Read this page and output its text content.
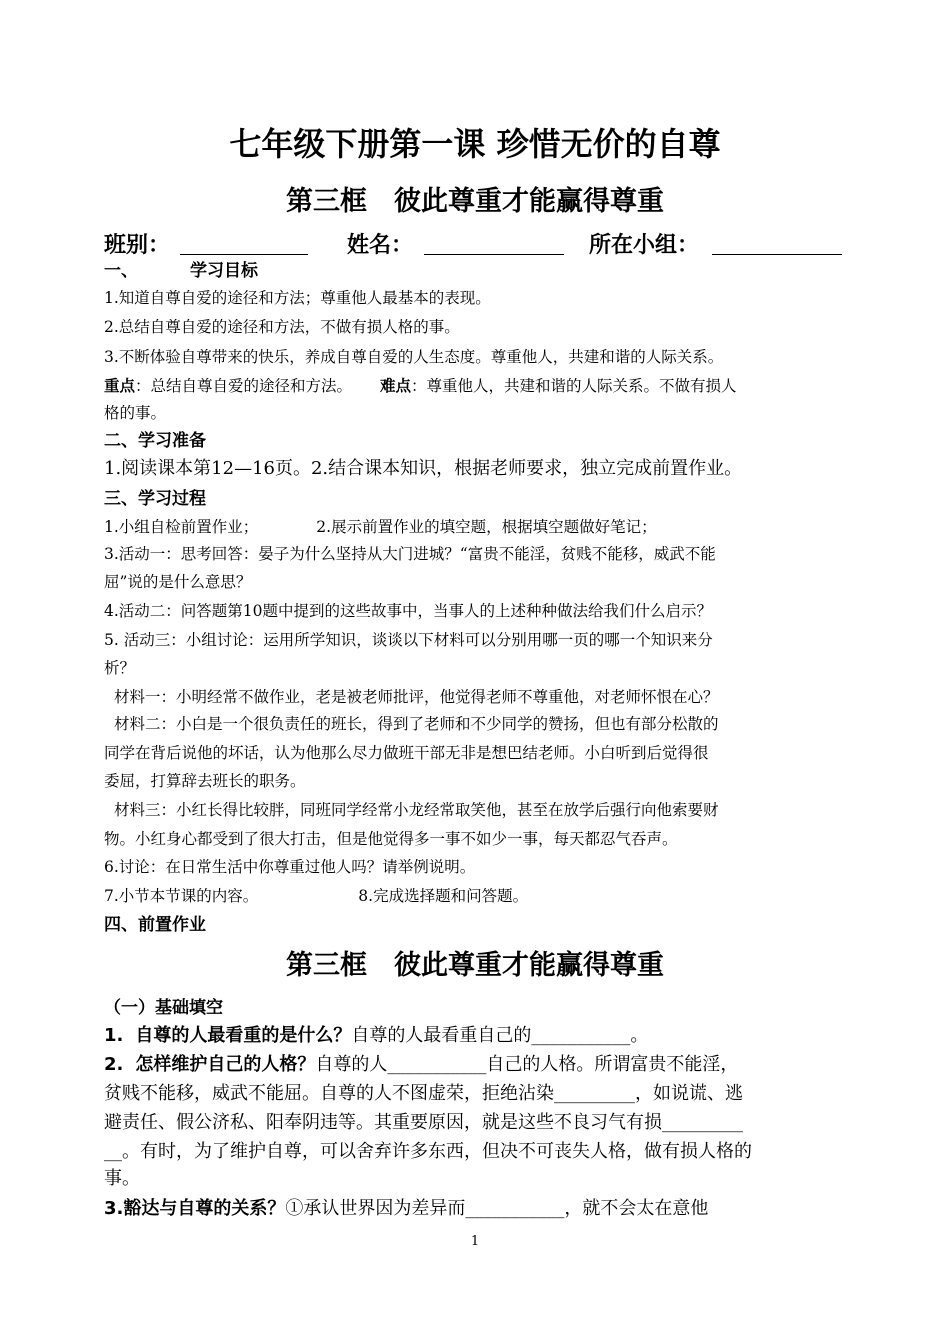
七年级下册第一课 珍惜无价的自尊
第三框　彼此尊重才能赢得尊重
班别：	姓名：	所在小组：
一、	学习目标
1.知道自尊自爱的途径和方法；尊重他人最基本的表现。
2.总结自尊自爱的途径和方法，不做有损人格的事。
3.不断体验自尊带来的快乐，养成自尊自爱的人生态度。尊重他人，共建和谐的人际关系。
重点：总结自尊自爱的途径和方法。 难点：尊重他人，共建和谐的人际关系。不做有损人
格的事。
二、学习准备
1.阅读课本第12—16页。2.结合课本知识，根据老师要求，独立完成前置作业。
三、学习过程
1.小组自检前置作业；	2.展示前置作业的填空题，根据填空题做好笔记；
3.活动一：思考回答：晏子为什么坚持从大门进城？“富贵不能淫，贫贱不能移，威武不能
屈”说的是什么意思？
4.活动二：问答题第10题中提到的这些故事中，当事人的上述种种做法给我们什么启示？
5. 活动三：小组讨论：运用所学知识，谈谈以下材料可以分别用哪一页的哪一个知识来分
析？
材料一：小明经常不做作业，老是被老师批评，他觉得老师不尊重他，对老师怀恨在心？
材料二：小白是一个很负责任的班长，得到了老师和不少同学的赞扬，但也有部分松散的
同学在背后说他的坏话，认为他那么尽力做班干部无非是想巴结老师。小白听到后觉得很
委屈，打算辞去班长的职务。
材料三：小红长得比较胖，同班同学经常小龙经常取笑他，甚至在放学后强行向他索要财
物。小红身心都受到了很大打击，但是他觉得多一事不如少一事，每天都忍气吞声。
6.讨论：在日常生活中你尊重过他人吗？请举例说明。
7.小节本节课的内容。	8.完成选择题和问答题。
四、前置作业
第三框　彼此尊重才能赢得尊重
（一）基础填空
1. 自尊的人最看重的是什么？自尊的人最看重自己的___________。
2. 怎样维护自己的人格？自尊的人___________自己的人格。所谓富贵不能淫，
贫贱不能移，威武不能屈。自尊的人不图虚荣，拒绝沾染_________，如说谎、逃
避责任、假公济私、阳奉阴违等。其重要原因，就是这些不良习气有损_________
__。有时，为了维护自尊，可以舍弃许多东西，但决不可丧失人格，做有损人格的
事。
3.豁达与自尊的关系？①承认世界因为差异而___________，就不会太在意他
1
